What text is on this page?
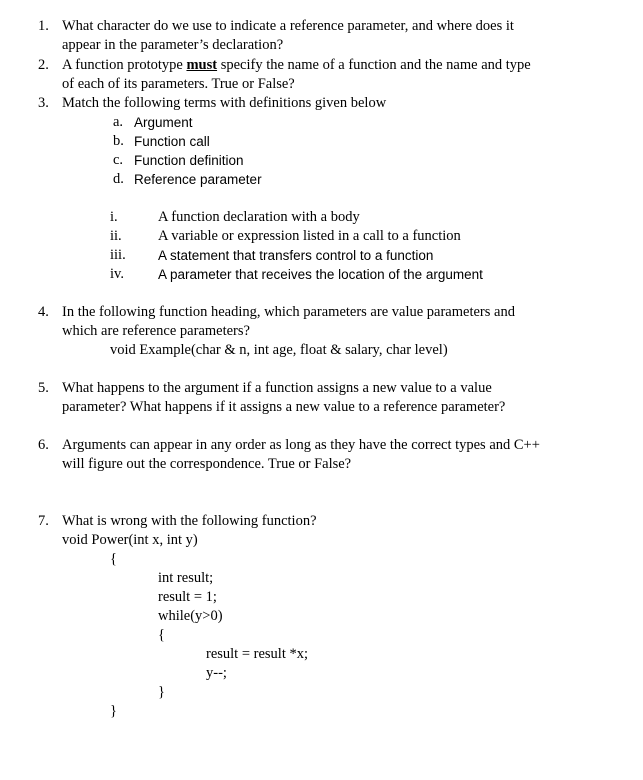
1. What character do we use to indicate a reference parameter, and where does it
appear in the parameter’s declaration?
2. A function prototype must specify the name of a function and the name and type
of each of its parameters. True or False?
3. Match the following terms with definitions given below
a. Argument
b. Function call
c. Function definition
d. Reference parameter
i.	A function declaration with a body
ii.	A variable or expression listed in a call to a function
iii. A statement that transfers control to a function
iv.	A parameter that receives the location of the argument
4. In the following function heading, which parameters are value parameters and
which are reference parameters?
void Example(char & n, int age, float & salary, char level)
5. What happens to the argument if a function assigns a new value to a value
parameter? What happens if it assigns a new value to a reference parameter?
6. Arguments can appear in any order as long as they have the correct types and C++
will figure out the correspondence. True or False?
7. What is wrong with the following function?
void Power(int x, int y)
{
int result;
result = 1;
while(y>0)
{
result = result *x;
y--;
}
}
